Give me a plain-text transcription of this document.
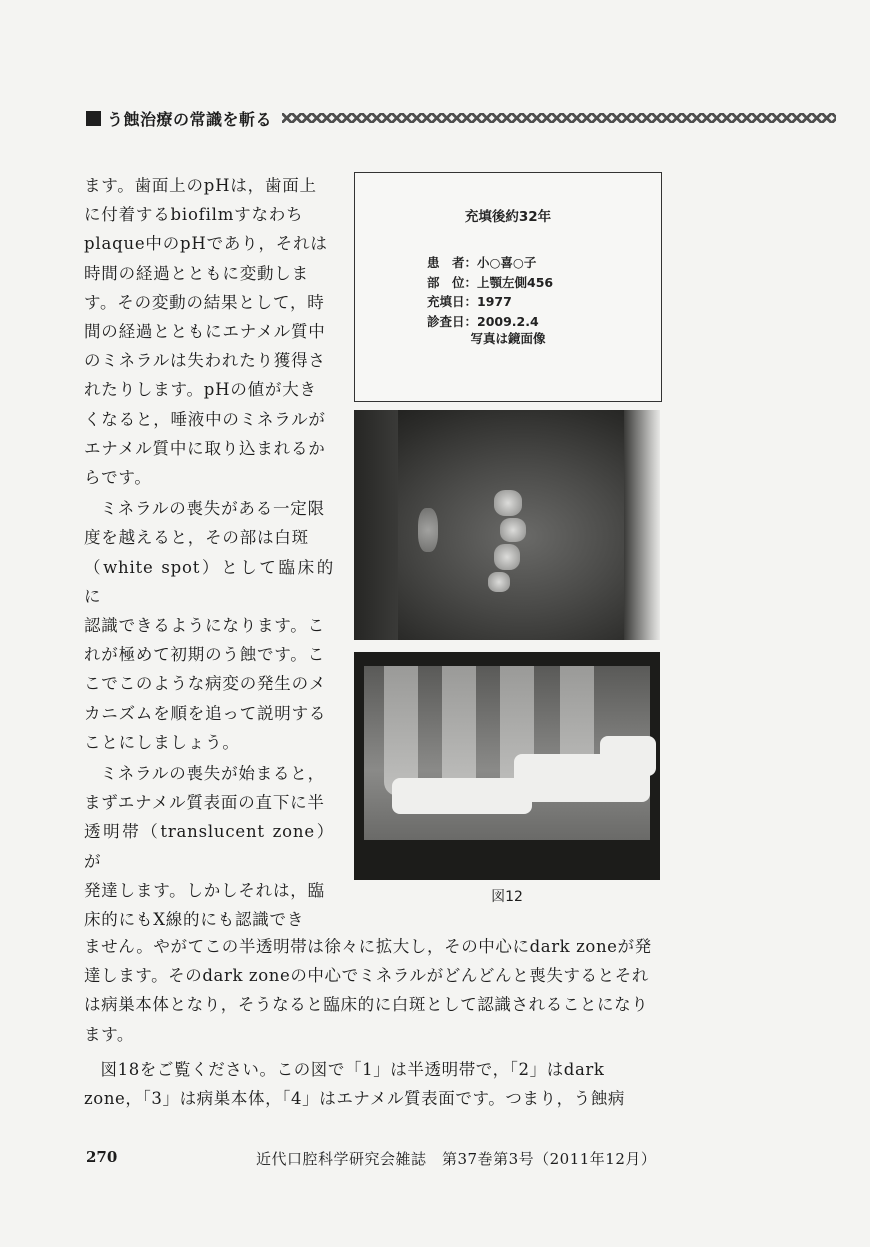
う蝕治療の常識を斬る
ます。歯面上のpHは，歯面上
に付着するbiofilmすなわち
plaque中のpHであり，それは
時間の経過とともに変動しま
す。その変動の結果として，時
間の経過とともにエナメル質中
のミネラルは失われたり獲得さ
れたりします。pHの値が大き
くなると，唾液中のミネラルが
エナメル質中に取り込まれるか
らです。
ミネラルの喪失がある一定限
度を越えると，その部は白斑
（white spot）として臨床的に
認識できるようになります。こ
れが極めて初期のう蝕です。こ
こでこのような病変の発生のメ
カニズムを順を追って説明する
ことにしましょう。
ミネラルの喪失が始まると，
まずエナメル質表面の直下に半
透明帯（translucent zone）が
発達します。しかしそれは，臨
床的にもX線的にも認識でき
充填後約32年
患　者：小○喜○子
部　位：上顎左側456
充填日：1977
診査日：2009.2.4
写真は鏡面像
図12
ません。やがてこの半透明帯は徐々に拡大し，その中心にdark zoneが発
達します。そのdark zoneの中心でミネラルがどんどんと喪失するとそれ
は病巣本体となり，そうなると臨床的に白斑として認識されることになり
ます。
図18をご覧ください。この図で「1」は半透明帯で，「2」はdark
zone，「3」は病巣本体，「4」はエナメル質表面です。つまり，う蝕病
270	近代口腔科学研究会雑誌　第37巻第3号（2011年12月）
